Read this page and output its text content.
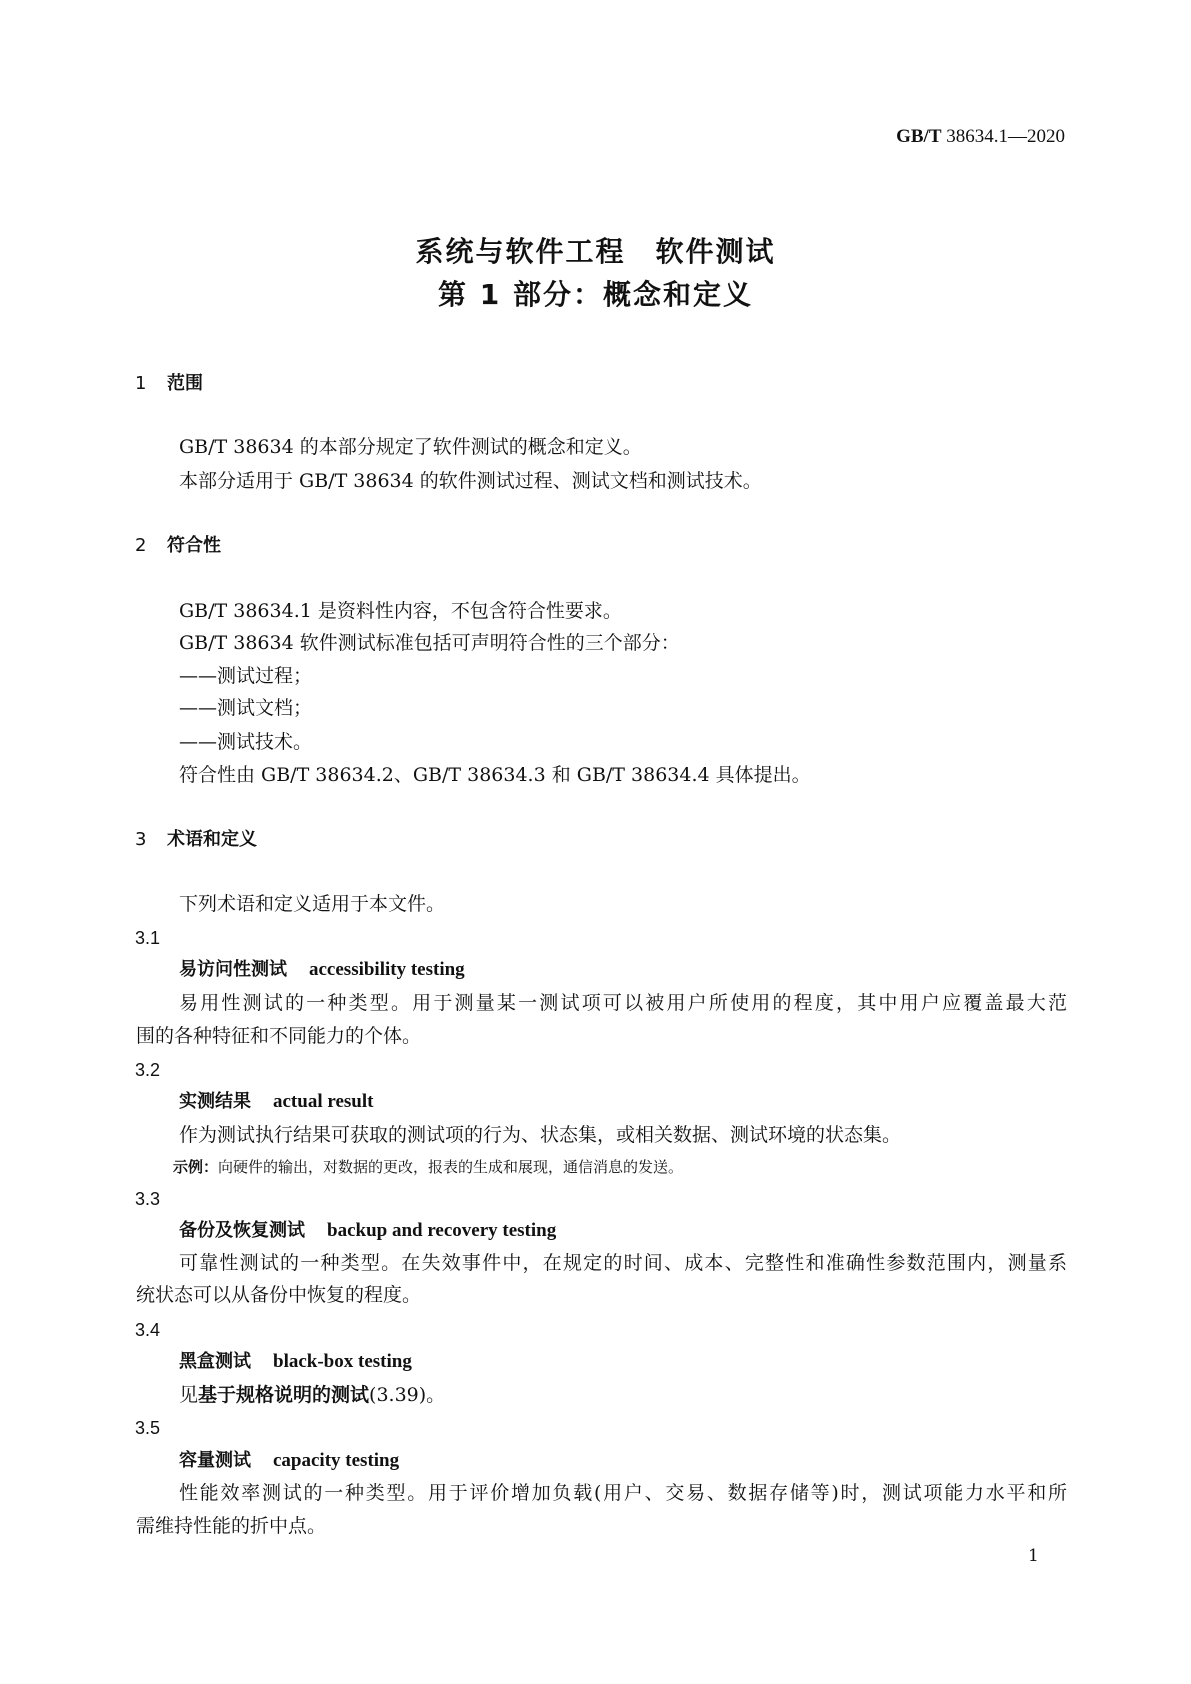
GB/T 38634.1—2020
系统与软件工程　软件测试
第 1 部分：概念和定义
1 范围
GB/T 38634 的本部分规定了软件测试的概念和定义。
本部分适用于 GB/T 38634 的软件测试过程、测试文档和测试技术。
2 符合性
GB/T 38634.1 是资料性内容，不包含符合性要求。
GB/T 38634 软件测试标准包括可声明符合性的三个部分：
——测试过程；
——测试文档；
——测试技术。
符合性由 GB/T 38634.2、GB/T 38634.3 和 GB/T 38634.4 具体提出。
3 术语和定义
下列术语和定义适用于本文件。
3.1
易访问性测试 accessibility testing
易用性测试的一种类型。用于测量某一测试项可以被用户所使用的程度，其中用户应覆盖最大范
围的各种特征和不同能力的个体。
3.2
实测结果 actual result
作为测试执行结果可获取的测试项的行为、状态集，或相关数据、测试环境的状态集。
示例：向硬件的输出，对数据的更改，报表的生成和展现，通信消息的发送。
3.3
备份及恢复测试 backup and recovery testing
可靠性测试的一种类型。在失效事件中，在规定的时间、成本、完整性和准确性参数范围内，测量系
统状态可以从备份中恢复的程度。
3.4
黑盒测试 black-box testing
见基于规格说明的测试(3.39)。
3.5
容量测试 capacity testing
性能效率测试的一种类型。用于评价增加负载(用户、交易、数据存储等)时，测试项能力水平和所
需维持性能的折中点。
1
